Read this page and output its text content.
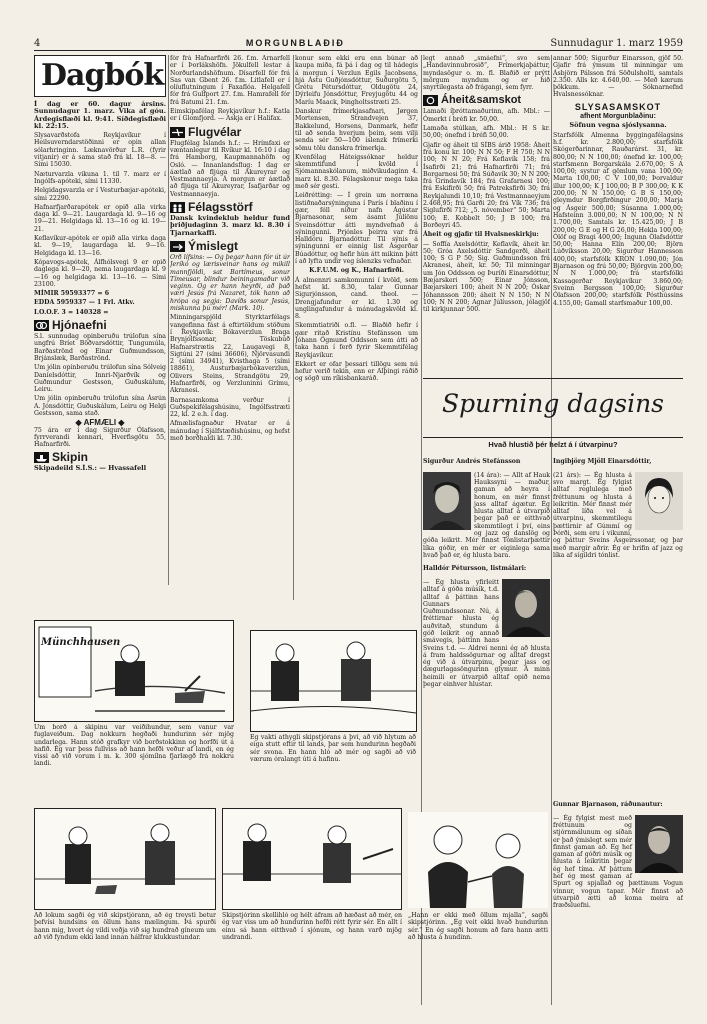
4	MORGUNBLAÐIÐ	Sunnudagur 1. marz 1959
Dagbók

Í dag er 60. dagur ársins. Sunnudagur 1. marz. Vika af góu. Árdegisflæði kl. 9:41. Síðdegisflæði kl. 22:15.

Slysavarðstofa Reykjavíkur í Heilsuverndarstöðinni er opin allan sólarhringinn. Læknavörður L.R. (fyrir vitjanir) er á sama stað frá kl. 18—8. — Sími 15030.

Næturvarzla vikuna 1. til 7. marz er í Ingólfs-apóteki, sími 11330.

Helgidagsvarzla er í Vesturbæjar-apóteki, sími 22290.

Hafnarfjarðarapótek er opið alla virka daga kl. 9—21. Laugardaga kl. 9—16 og 19—21. Helgidaga kl. 13—16 og kl. 19—21.

Keflavíkur-apótek er opið alla virka daga kl. 9—19, laugardaga kl. 9—16. Helgidaga kl. 13—16.

Kópavogs-apótek, Álfhólsvegi 9 er opið daglega kl. 9—20, nema laugardaga kl. 9—16 og helgidaga kl. 13—16. — Sími 23100.

MÍMIR 59593377 = 6

EDDA 5959337 — 1 Frl. Atkv.

I.O.O.F. 3 = 140328 =

Hjónaefni

S.l. sunnudag opinberuðu trúlofun sína ungfrú Bríet Böðvarsdóttir, Tungumúla, Barðaströnd og Einar Guðmundsson, Brjánslæk, Barðaströnd.

Um jólin opinberuðu trúlofun sína Sólveig Daníelsdóttir, Innri-Njarðvík og Guðmundur Gestsson, Guðuskálum, Leiru.

Um jólin opinberuðu trúlofun sína Ásrún A. Jónsdóttir, Guðuskálum, Leiru og Helgi Gestsson, sama stað.

◆ AFMÆLI ◆

75 ára er í dag Sigurður Ólafsson, fyrrverandi kennari, Hverfisgötu 55, Hafnarfirði.

Skipin

Skipadeild S.Í.S.: — Hvassafell

fór frá Hafnarfirði 26. f.m. Arnarfell er í Þorlákshöfn. Jökulfell lestar á Norðurlandshöfnum. Dísarfell fór frá Sas van Gbent 26. f.m. Litlafell er í olíuflutningum í Faxaflóa. Helgafell fór frá Gulfport 27. f.m. Hamrafell fór frá Batumi 21. f.m.

Eimskipafélag Reykjavíkur h.f.: Katla er í Glomfjord. — Askja er í Halifax.

Flugvélar

Flugfélag Íslands h.f.: — Hrímfaxi er væntanlegur til Rvíkur kl. 16:10 í dag frá Hamborg, Kaupmannahöfn og Osló. — Innanlandsflug: Í dag er áætlað að fljúga til Akureyrar og Vestmannaeyja. Á morgun er áætlað að fljúga til Akureyrar, Ísafjarðar og Vestmannaeyja.

Félagsstörf

Dansk kvindeklub heldur fund þriðjudaginn 3. marz kl. 8.30 í Tjarnarkaffi.

Ýmislegt

Orð lífsins: — Og þegar hann fór út úr Jeríkó og lærisveinar hans og mikill mannfjöldi, sat Bartímeus, sonur Tímeusar, blindur beiningamaður við veginn. Og er hann heyrði, að það væri Jesús frá Nazaret, tók hann að hrópa og segja: Davíðs sonur Jesús, miskunna þú mér! (Mark. 10).

Minningarspjöld Styrktarfélags vangefinna fást á eftirtöldum stöðum í Reykjavík: Bókaverzlun Braga Brynjólfssonar, Töskubúð Hafnarstrætis 22, Laugavegi 8, Sigtúni 27 (sími 36606), Njörvasundi 2 (sími 34941), Kvisthaga 5 (sími 18861), Austurbæjarbókaverzlun, Olivers Steins, Strandgötu 29, Hafnarfirði, og Verzluninni Grímu, Akranesi.

Barnasamkoma verður í Guðspekifélagshúsinu, Ingólfsstræti 22, kl. 2 e.h. í dag.

Afmælisfagnaður Hvatar er á mánudag í Sjálfstæðishúsinu, og hefst með borðhaldi kl. 7.30.

konur sem ekki eru enn búnar að kaupa miða, fá þá í dag og til hádegis á morgun í Verzlun Egils Jacobsens, hjá Ástu Guðjónsdóttur, Suðurgötu 5, Grétu Pétursdóttur, Oldugötu 24, Dýrleifu Jónsdóttur, Freyjugötu 44 og Maríu Maack, Þingholtsstræti 25.

Danskur frímerkjasafnari, Jørgen Mortensen, Strandvejen 37, Bakkelund, Horsens, Danmark, hefir til að senda hverjum þeim, sem vilji senda sér 50—100 íslenzk frímerki sömu tölu danskra frímerkja.

Kvenfélag Háteigssóknar heldur skemmtifund í kvöld í Sjómannaskólanum, miðvikudaginn 4. marz kl. 8.30. Félagskonur mega taka með sér gesti.

Leiðrétting: — Í grein um norræna listiðnaðarsýninguna í París í blaðinu í gær, féll niður nafn Ágústar Bjarnasonar, sem ásamt Júlíönu Sveinsdóttur átti myndvefnað á sýningunni. Prjónles þeirra var frá Halldóru Bjarnadóttur. Til sýnis á sýningunni er einnig list Ásgerðar Búadóttur, og hefir hún átt mikinn þátt í að lyfta undir veg íslenzks vefnaðar.

K.F.U.M. og K., Hafnarfirði.

Á almennri samkomunni í kvöld, sem hefst kl. 8.30, talar Gunnar Sigurjónsson, cand. theol. — Drengjafundur er kl. 1.30 og unglingafundur á mánudagskvöld kl. 8.

Skemmtiatriði o.fl. — Blaðið hefir í gær ritað Kristínu Stefánsson um Jóhann Ögmund Oddsson sem átti að taka hann í ferð fyrir Skemmtifélag Reykjavíkur.

Ekkert er ofar þessari tillögu sem nú hefur verið tekin, enn er Alþingi ráðið og sögð um ríkisbankaráð.

legt annað „smáefni“, svo sem „Handavinnubrosið“, Frímerkjaþáttur, myndasögur o. m. fl. Blaðið er prýtt mörgum myndum og er hið snyrtilegasta að frágangi, sem fyrr.

Áheit&samskot

Lamaði íþróttamaðurinn, afh. Mbl.: — Ómerkt í bréfi kr. 50,00.

Lamaða stúlkan, afh. Mbl.: H S kr. 50,00; ónefnd í bréfi 50,00.

Gjafir og áheit til SÍBS árið 1958: Áheit frá konu kr. 100; N N 50; F H 750; N N 100; N N 20; Frá Keflavík 158; frá Ísafirði 21; frá Hafnarfirði 71; frá Borgarnesi 50; frá Súðavík 30; N N 200; frá Grindavík 184; frá Grafarnesi 100; frá Eskifirði 50; frá Patreksfirði 30; frá Reykjalundi 10,10; frá Vestmannaeyjum 2.468,95; frá Garði 20; frá Vík 736; frá Siglufirði 712; „5. nóvember“ 50; Marta 100; E. Kobbelt 50; J B 100; frá Borðeyri 45.

Áheit og gjafir til Hvalsneskirkju:

— Soffía Axelsdóttir, Keflavík, áheit kr. 50; Gróa Axelsdóttir Sandgerði, áheit 100; S G P 50; Sig. Guðmundsson frá Akranesi, áheit, kr. 50; Til minningar um Jón Oddsson og Þuríði Einarsdóttur, Bæjarskeri 500; Einar Jónsson, Bæjarskeri 100; áheit N N 200; Óskar Jóhannsson 200; áheit N N 150; N N 100; N N 200; Agnar Júlíusson, jólagjöf til kirkjunnar 500.

annar 500; Sigurður Einarsson, gjöf 50. Gjafir frá ýmsum til minningar um Ásbjörn Pálsson frá Söðulsholti, samtals 2.350. Alls kr. 4.640,00. — Með kærum þökkum. — Sóknarnefnd Hvalsnessóknar.

SLYSASAMSKOT

afhent Morgunblaðinu:

Söfnun vegna sjóslysanna.

Starfsfólk Almenna byggingafélagsins h.f. kr. 2.800,00; starfsfólk Skógerðarinnar, Rauðarárst. 31, kr. 800,00; N N 100,00; ónefnd kr. 100,00; starfsmenn Borgarskála 2.670,00; S A 100,00; systur af gömlum vana 100,00; Marta 100,00; C V 100,00; Þorvaldur illur 100,00; K J 100,00; B P 300,00; K K 200,00; N N 150,00; G B S 150,00; gleymdur Borgfirðingur 200,00; Marja og Ásgeir 500,00; Súsanna 1.000,00; Hafsteinn 3.000,00; N N 100,00; N N 1.700,00; Samtals kr. 15.425,00; J B 200,00; G E og H G 26,00; Hekla 100,00; Ólöf og Bragi 400,00; Ingunn Ólafsdóttir 50,00; Hanna Elín 200,00; Björn Lúðvíksson 20,00; Sigurður Hannesson 400,00; starfsfólk KRON 1.090,00; Jón Bjarnason og frú 50,00; Björgvin 200,00; N N 1.000,00; frá starfsfólki Kassagerðar Reykjavíkur 3.860,00; Sveinn Bergsson 100,00; Sigurður Ólafsson 200,00; starfsfólk Pósthússins 4.155,00; Gamall starfsmaður 100,00.

Spurning dagsins
Hvað hlustið þér helzt á í útvarpinu?

Sigurður Andrés Stefánsson

(14 ára): — Allt af Hauk Haukssyni — maður, gaman að heyra í honum, en mér finnst jass alltaf ágætur. Ég hlusta alltaf á útvarpið þegar það er eitthvað skemmtilegt í því, eins og jazz og danslög og góða leikrit. Mér finnst Tónlistarþættir líka góðir, en mér er eiginlega sama hvað það er, ég hlusta bara.

Halldór Pétursson, listmálari:

— Ég hlusta yfirleitt alltaf á góða músík, t.d. alltaf á þáttinn hans Gunnars Guðmundssonar. Nú, á fréttirnar hlusta ég auðvitað, stundum á góð leikrit og annað smávegis, þáttinn hans Sveins t.d. — Aldrei nenni ég að hlusta á fram haldssögurnar og alltaf dregst ég við á útvarpinu, þegar jass og dægurlagasöngurinn glymur. Á minn heimili er útvarpið alltaf opið nema þegar einhver hlustar.

Ingibjörg Mjöll Einarsdóttir,

(21 árs): — Ég hlusta á svo margt. Ég fylgist alltaf reglulega með fréttunum og hlusta á leikritin. Mér finnst mér alltaf líða vel á útvarpinu, skemmtilegu þættirnir af Gúmmí og Þórði, sem eru í vikunni, og þáttur Sveins Ásgeirssonar, og þar með margir aðrir. Ég er hrifin af jazz og líka af sígildri tónlist.

Gunnar Bjarnason, ráðunautur:

— Ég fylgist mest með fréttunum og stjórnmálunum og síðan er það ýmislegt sem mér finnst gaman að. Ég hef gaman af góðri músík og hlusta á leikritin þegar ég hef tíma. Af þáttum hef ég mest gaman af Spurt og spjallað og þættinum Vogun vinnur, vogun tapar. Mér finnst að útvarpið ætti að koma meira af fræðsluefni.

Münchhausen
Um borð á skipinu var veiðihundur, sem vanur var fuglaveiðum. Dag nokkurn hegðaði hundurinn sér mjög undarlega. Hann stóð grafkyr við borðstokkinn og horfði út á hafið. Ég var þess fullviss að hann hefði veður af landi, en ég vissi að við vorum í m. k. 300 sjómílna fjarlægð frá nokkru landi.
Ég vakti athygli skipstjórans á því, að við hlytum að eiga stutt eftir til lands, þar sem hundurinn hegðaði sér svona. En hann hló að mér og sagði að við værum óralangt úti á hafinu.
Að lokum sagði ég við skipstjórann, að ég treysti betur þefvísi hundsins en öllum hans mælingum. Þá spurði hann mig, hvort ég vildi veðja við sig hundrað gíneum um að við fyndum ekki land innan hálfrar klukkustundar.
Skipstjórinn skellihló og hélt áfram að hæðast að mér, en ég var viss um að hundurinn hefði rétt fyrir sér. En allt í einu sá hann eitthvað í sjónum, og hann varð mjög undrandi.
„Hann er ekki með öllum mjalla“, sagði skipstjórinn. „Ég veit ekki hvað hundurinn sér.“ En ég sagði honum að fara hann ætti að hlusta á hundinn.
